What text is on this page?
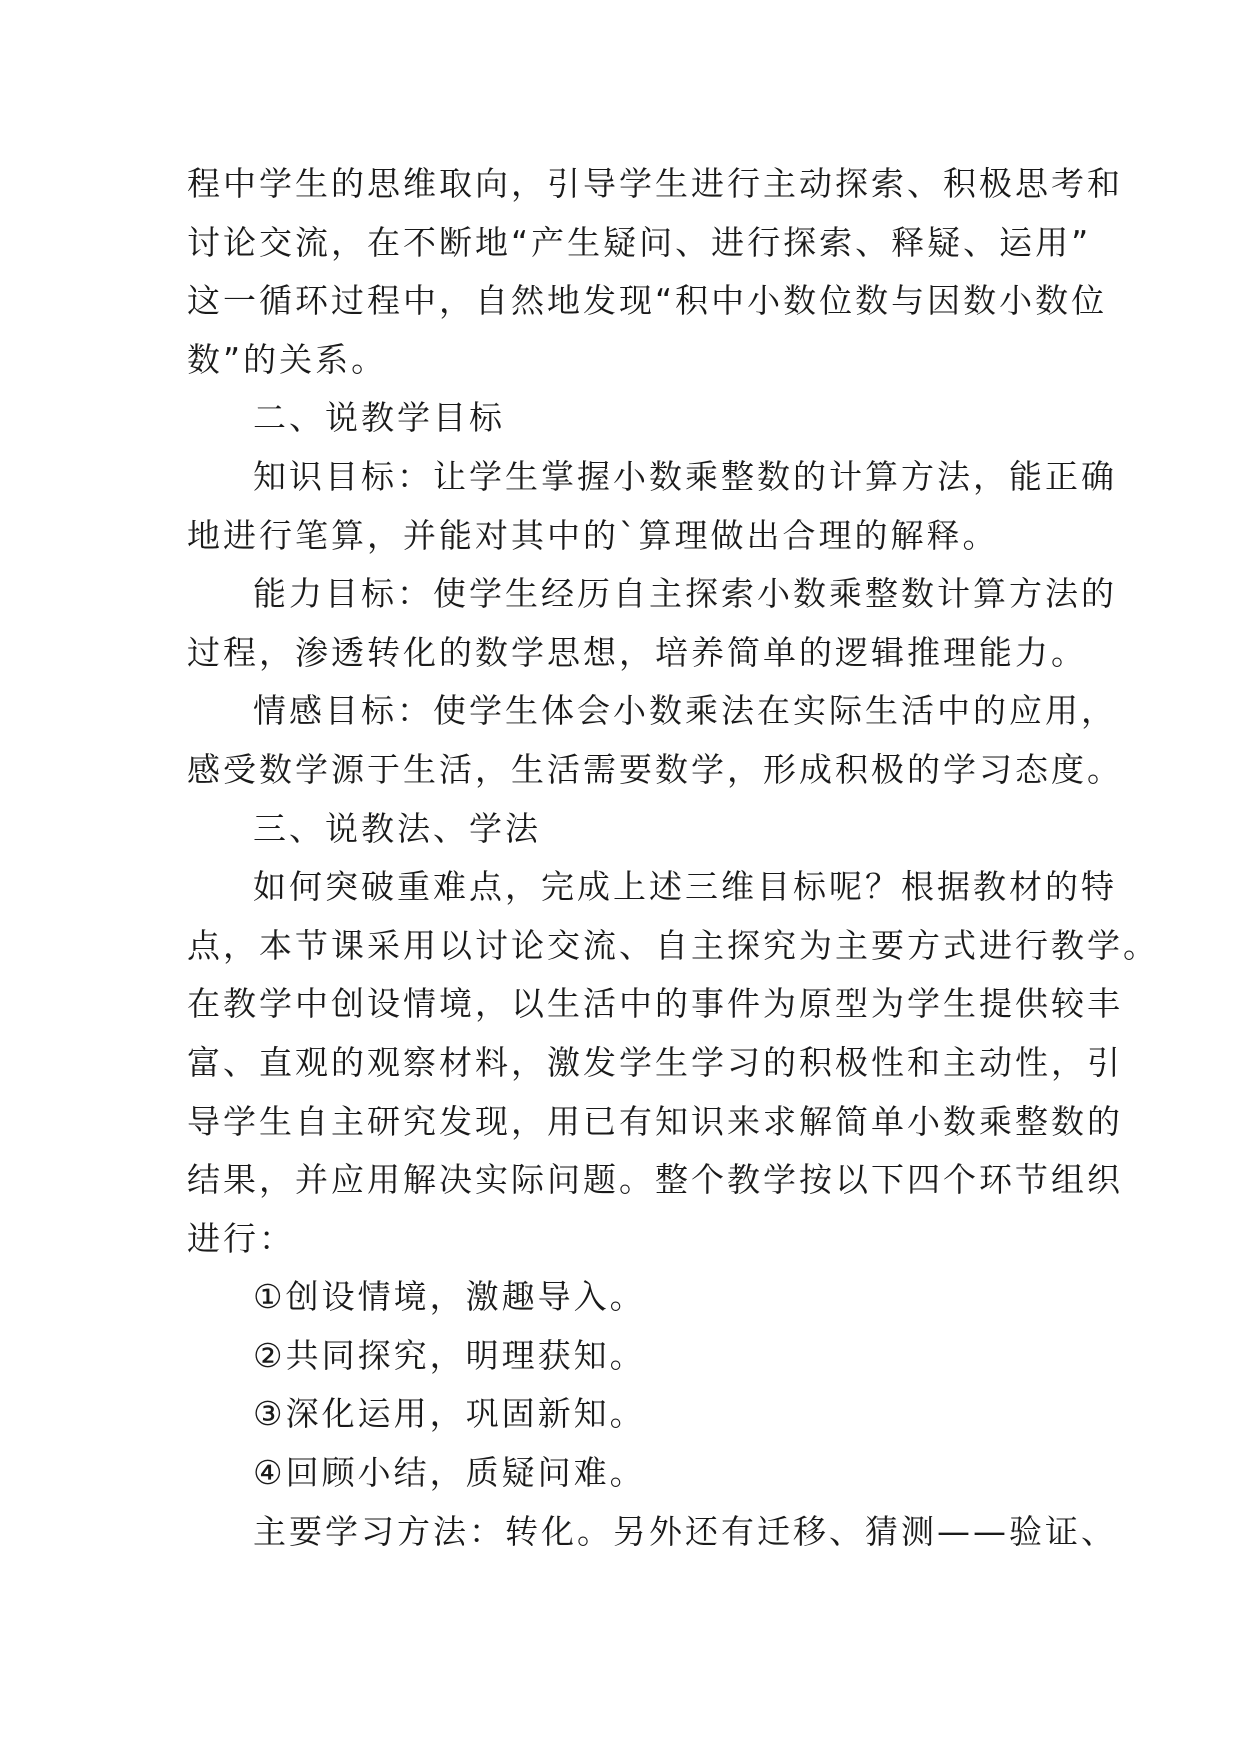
程中学生的思维取向，引导学生进行主动探索、积极思考和
讨论交流，在不断地“产生疑问、进行探索、释疑、运用”
这一循环过程中，自然地发现“积中小数位数与因数小数位
数”的关系。
二、说教学目标
知识目标：让学生掌握小数乘整数的计算方法，能正确
地进行笔算，并能对其中的`算理做出合理的解释。
能力目标：使学生经历自主探索小数乘整数计算方法的
过程，渗透转化的数学思想，培养简单的逻辑推理能力。
情感目标：使学生体会小数乘法在实际生活中的应用，
感受数学源于生活，生活需要数学，形成积极的学习态度。
三、说教法、学法
如何突破重难点，完成上述三维目标呢？根据教材的特
点，本节课采用以讨论交流、自主探究为主要方式进行教学。
在教学中创设情境，以生活中的事件为原型为学生提供较丰
富、直观的观察材料，激发学生学习的积极性和主动性，引
导学生自主研究发现，用已有知识来求解简单小数乘整数的
结果，并应用解决实际问题。整个教学按以下四个环节组织
进行：
①创设情境，激趣导入。
②共同探究，明理获知。
③深化运用，巩固新知。
④回顾小结，质疑问难。
主要学习方法：转化。另外还有迁移、猜测——验证、
